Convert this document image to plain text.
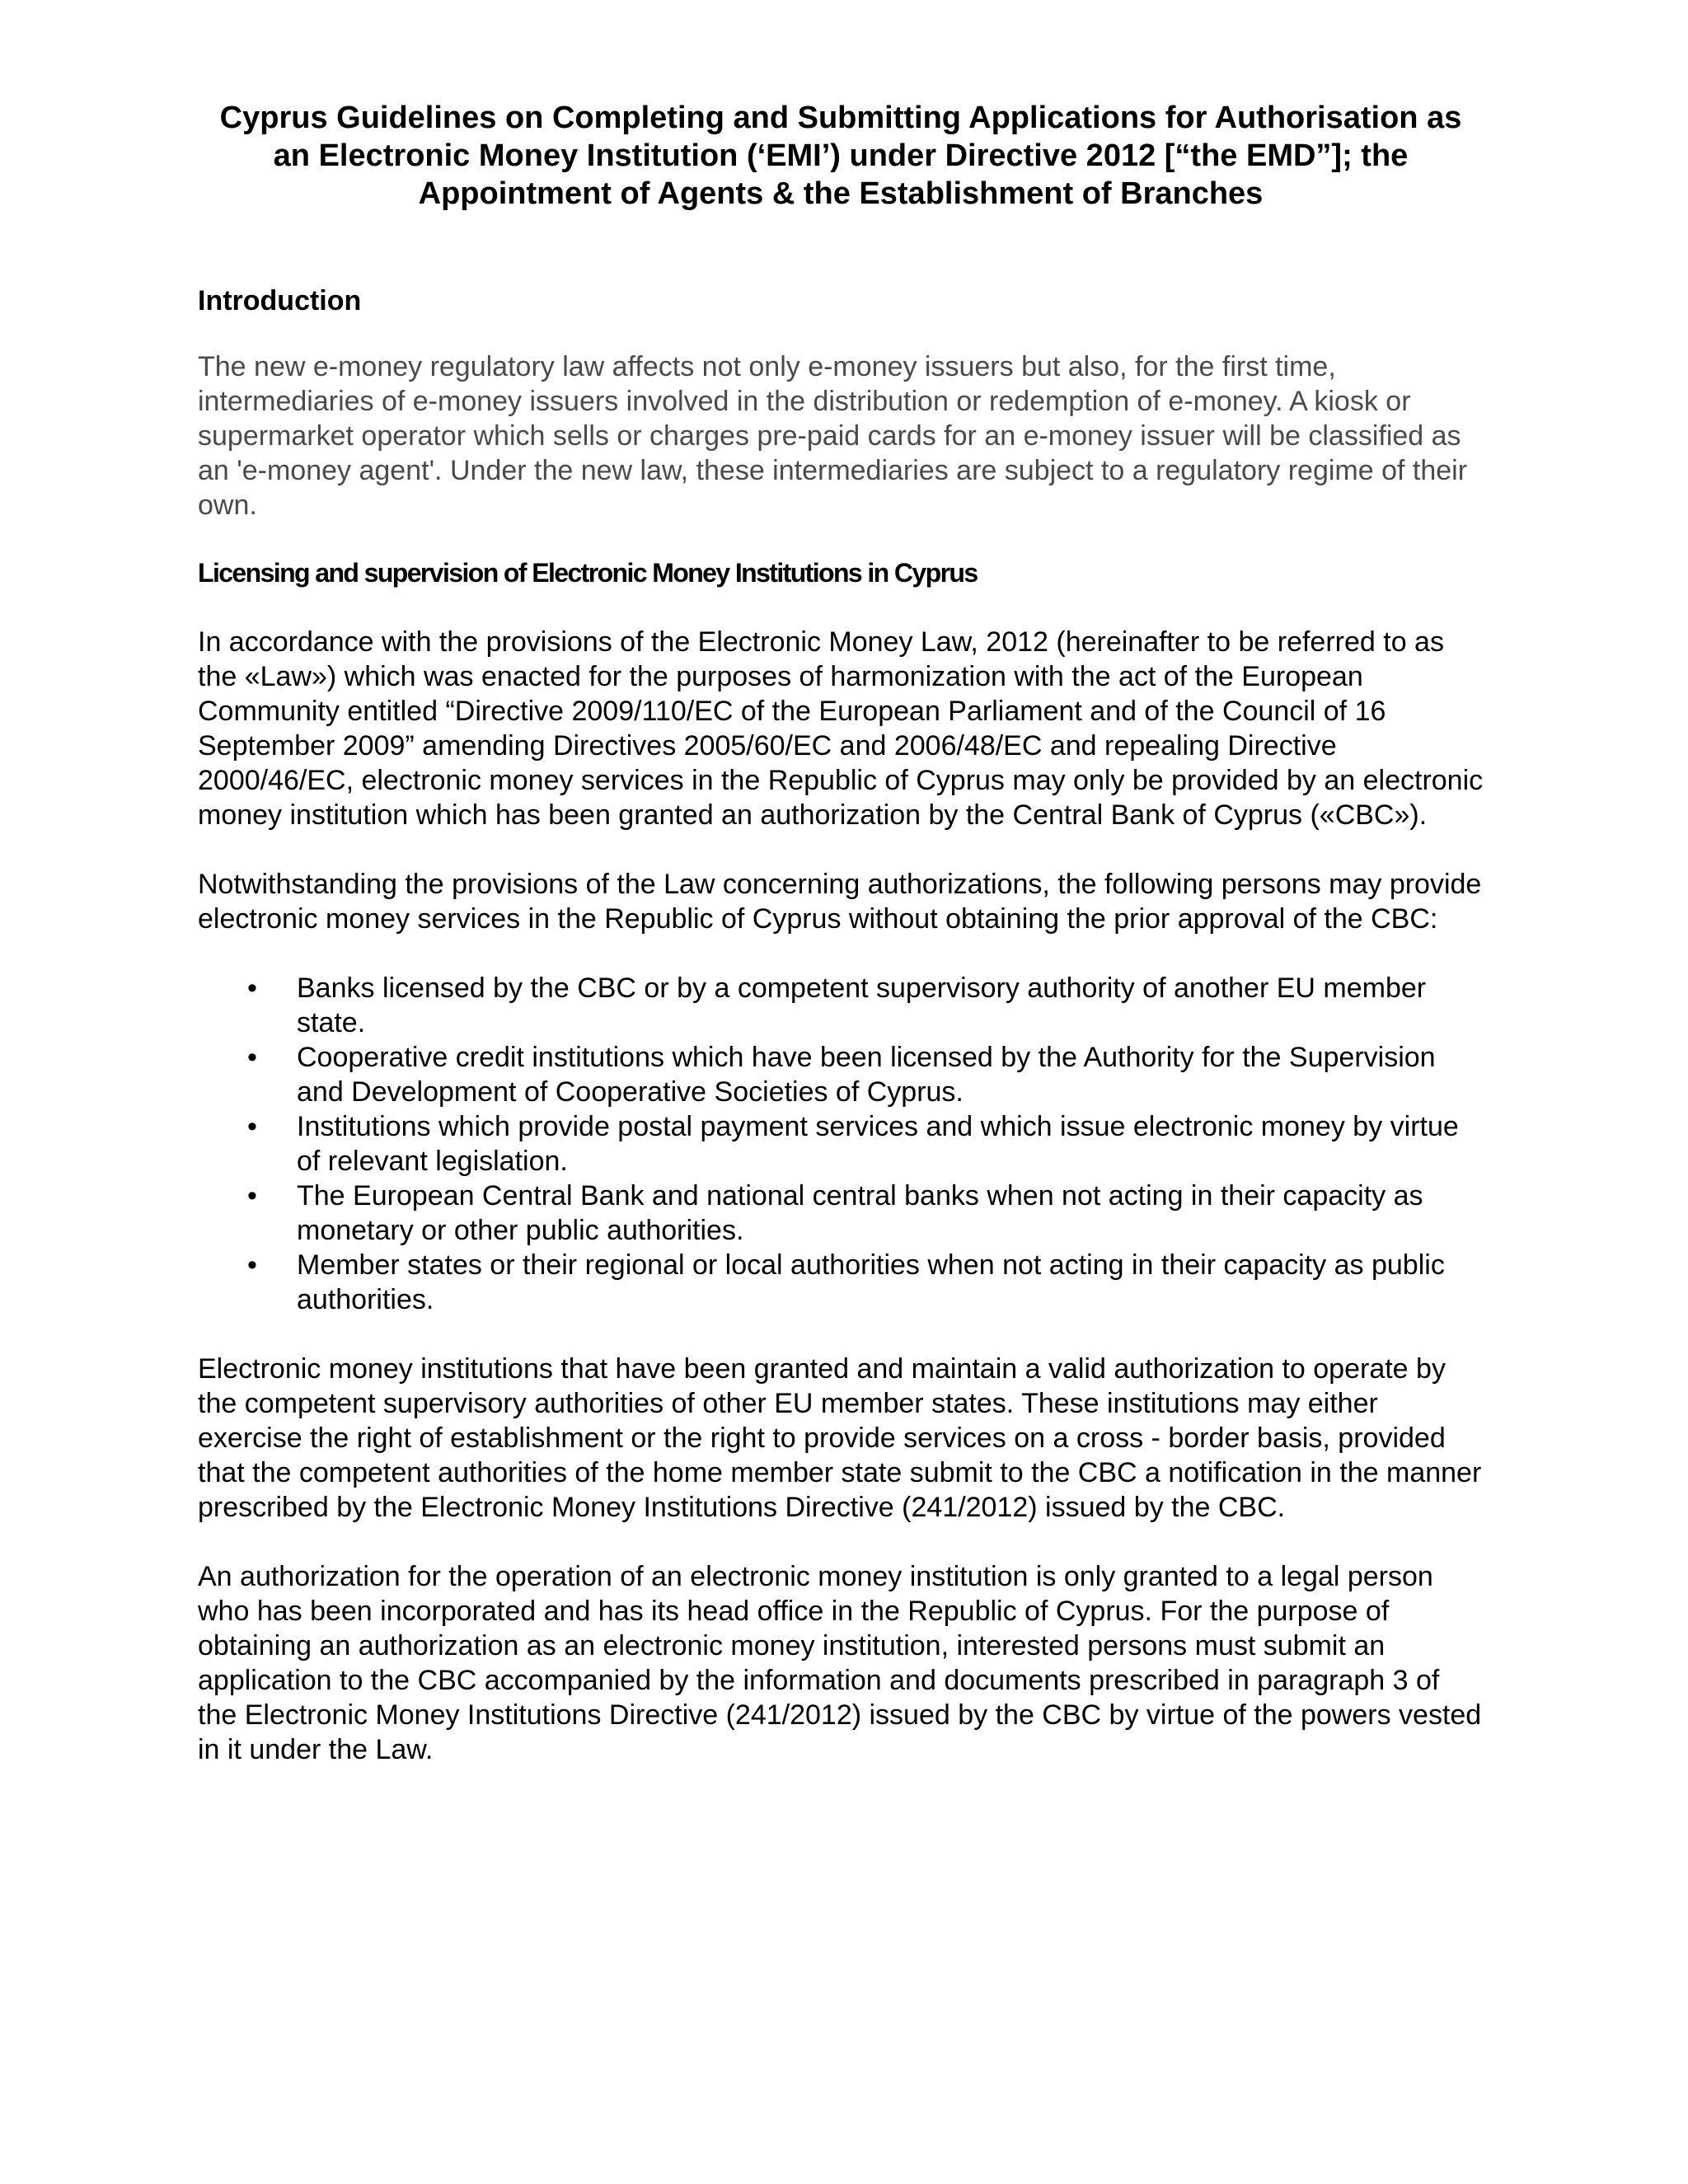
Cyprus Guidelines on Completing and Submitting Applications for Authorisation as an Electronic Money Institution (‘EMI’) under Directive 2012 [“the EMD”]; the Appointment of Agents & the Establishment of Branches
Introduction

The new e-money regulatory law affects not only e-money issuers but also, for the first time, intermediaries of e-money issuers involved in the distribution or redemption of e-money. A kiosk or supermarket operator which sells or charges pre-paid cards for an e-money issuer will be classified as an 'e-money agent'. Under the new law, these intermediaries are subject to a regulatory regime of their own.

Licensing and supervision of Electronic Money Institutions in Cyprus

In accordance with the provisions of the Electronic Money Law, 2012 (hereinafter to be referred to as the «Law») which was enacted for the purposes of harmonization with the act of the European Community entitled “Directive 2009/110/EC of the European Parliament and of the Council of 16 September 2009” amending Directives 2005/60/EC and 2006/48/EC and repealing Directive 2000/46/EC, electronic money services in the Republic of Cyprus may only be provided by an electronic money institution which has been granted an authorization by the Central Bank of Cyprus («CBC»).

Notwithstanding the provisions of the Law concerning authorizations, the following persons may provide electronic money services in the Republic of Cyprus without obtaining the prior approval of the CBC:

• Banks licensed by the CBC or by a competent supervisory authority of another EU member state.
• Cooperative credit institutions which have been licensed by the Authority for the Supervision and Development of Cooperative Societies of Cyprus.
• Institutions which provide postal payment services and which issue electronic money by virtue of relevant legislation.
• The European Central Bank and national central banks when not acting in their capacity as monetary or other public authorities.
• Member states or their regional or local authorities when not acting in their capacity as public authorities.

Electronic money institutions that have been granted and maintain a valid authorization to operate by the competent supervisory authorities of other EU member states. These institutions may either exercise the right of establishment or the right to provide services on a cross - border basis, provided that the competent authorities of the home member state submit to the CBC a notification in the manner prescribed by the Electronic Money Institutions Directive (241/2012) issued by the CBC.

An authorization for the operation of an electronic money institution is only granted to a legal person who has been incorporated and has its head office in the Republic of Cyprus. For the purpose of obtaining an authorization as an electronic money institution, interested persons must submit an application to the CBC accompanied by the information and documents prescribed in paragraph 3 of the Electronic Money Institutions Directive (241/2012) issued by the CBC by virtue of the powers vested in it under the Law.
